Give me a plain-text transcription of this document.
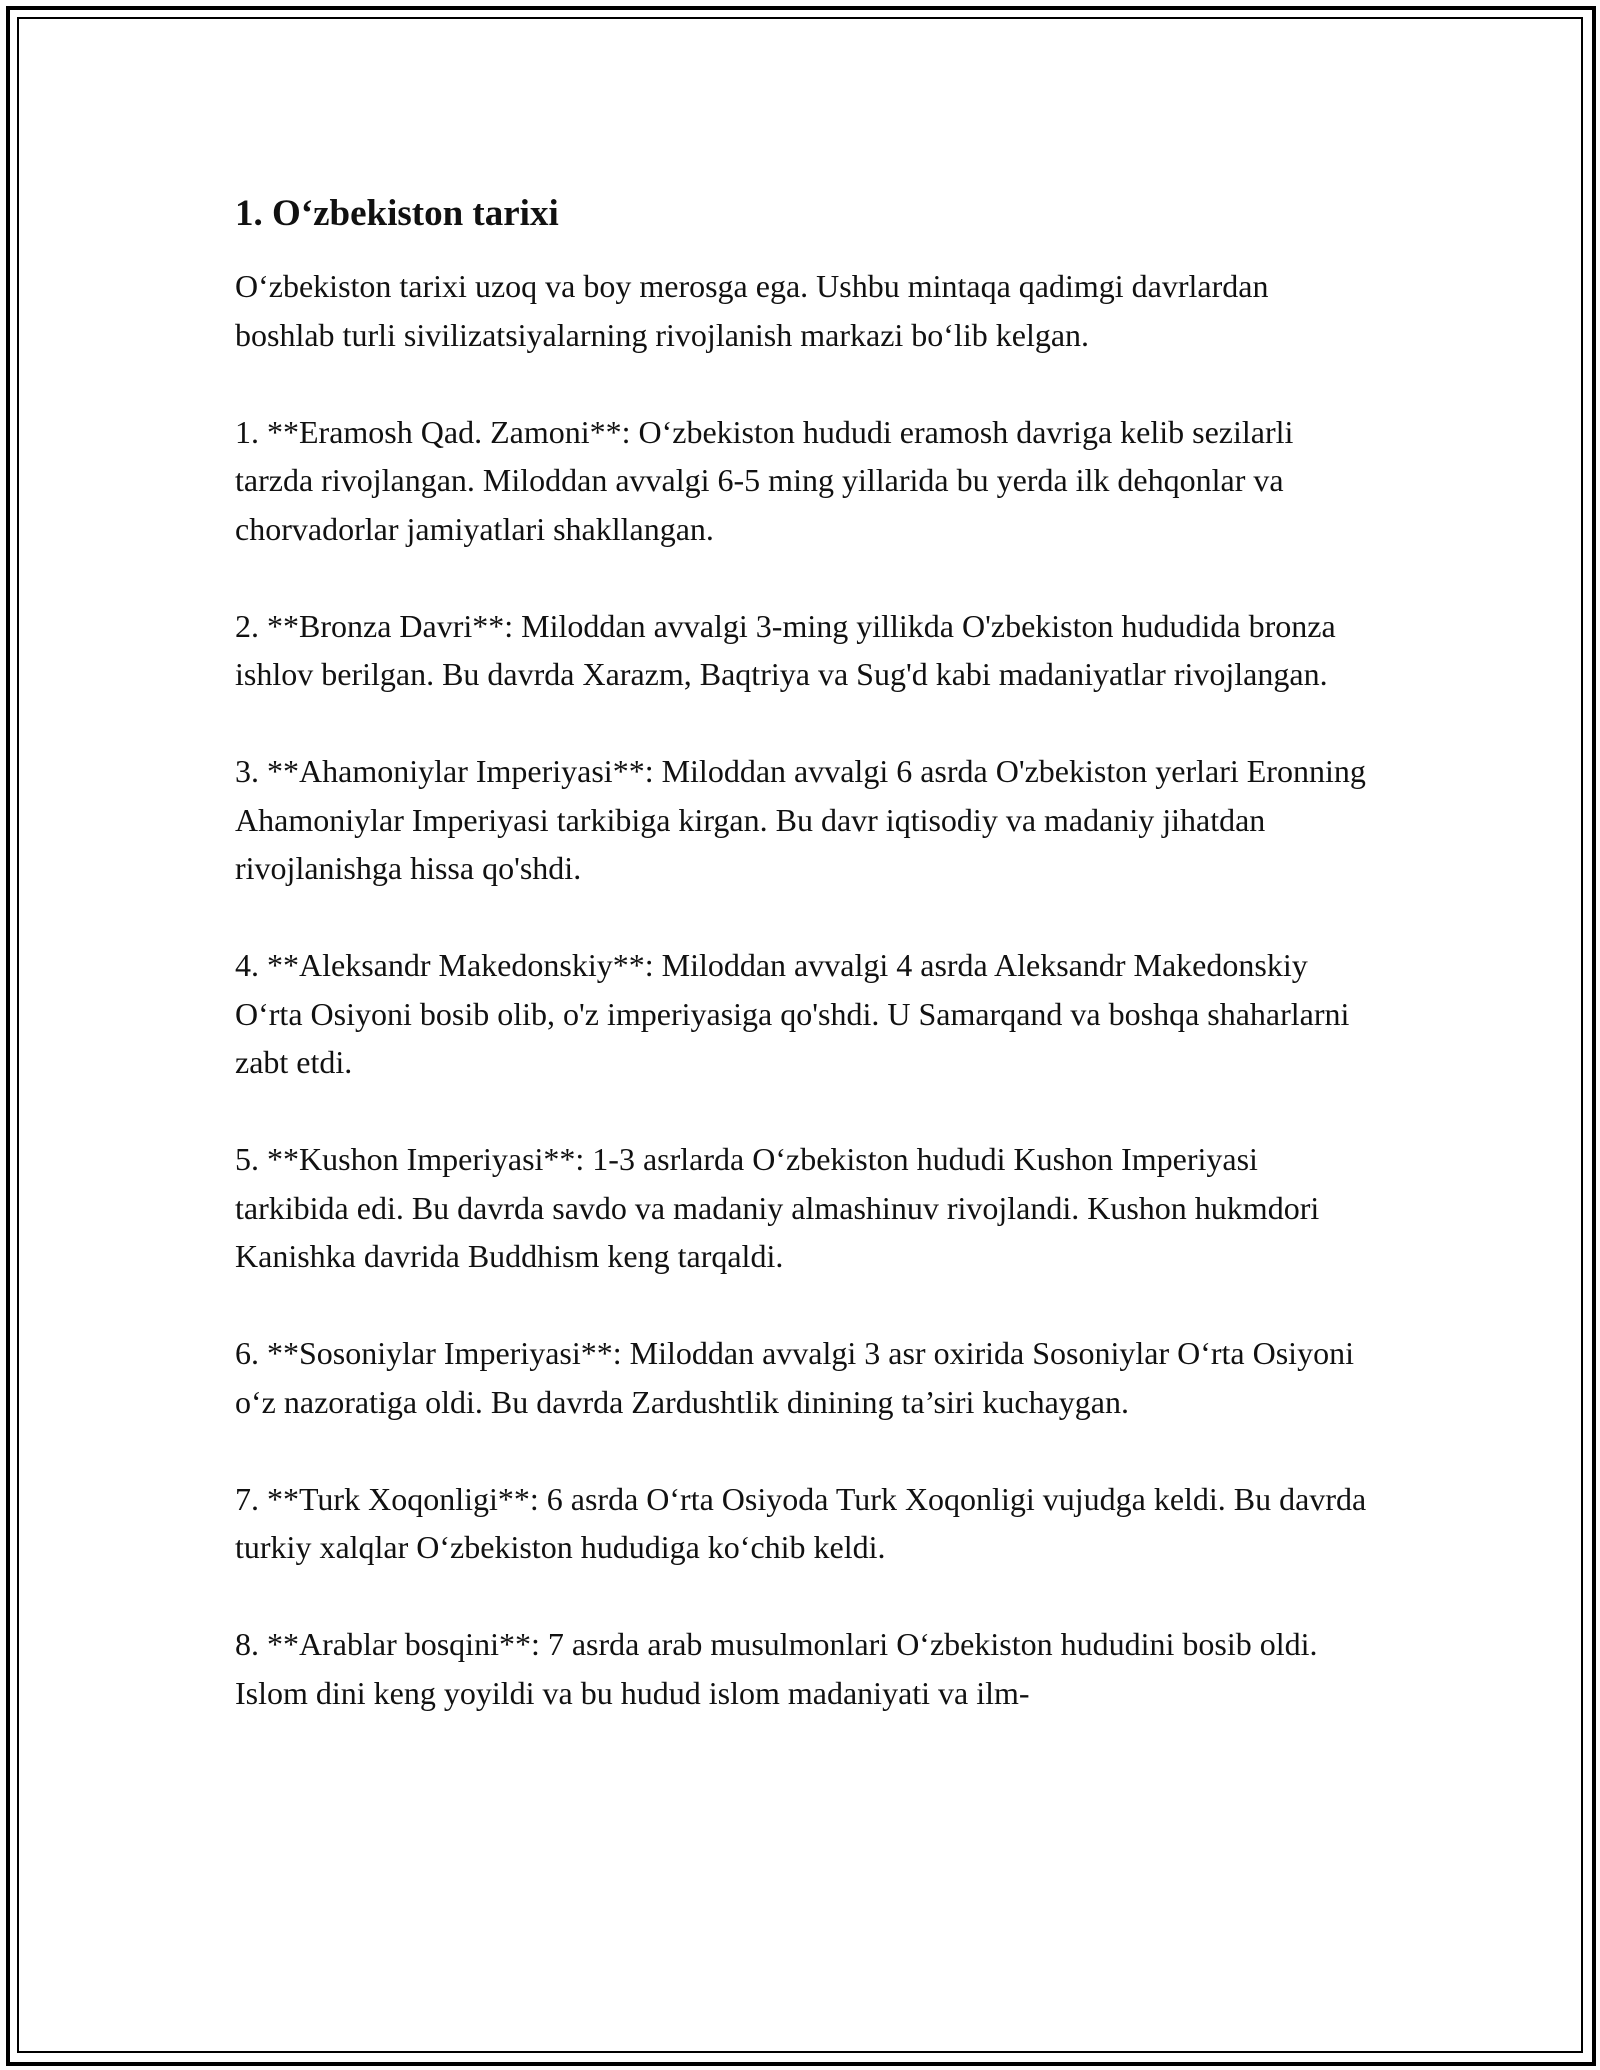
1. O‘zbekiston tarixi

O‘zbekiston tarixi uzoq va boy merosga ega. Ushbu mintaqa qadimgi davrlardan boshlab turli sivilizatsiyalarning rivojlanish markazi bo‘lib kelgan.

1. **Eramosh Qad. Zamoni**: O‘zbekiston hududi eramosh davriga kelib sezilarli tarzda rivojlangan. Miloddan avvalgi 6-5 ming yillarida bu yerda ilk dehqonlar va chorvadorlar jamiyatlari shakllangan.

2. **Bronza Davri**: Miloddan avvalgi 3-ming yillikda O'zbekiston hududida bronza ishlov berilgan. Bu davrda Xarazm, Baqtriya va Sug'd kabi madaniyatlar rivojlangan.

3. **Ahamoniylar Imperiyasi**: Miloddan avvalgi 6 asrda O'zbekiston yerlari Eronning Ahamoniylar Imperiyasi tarkibiga kirgan. Bu davr iqtisodiy va madaniy jihatdan rivojlanishga hissa qo'shdi.

4. **Aleksandr Makedonskiy**: Miloddan avvalgi 4 asrda Aleksandr Makedonskiy O‘rta Osiyoni bosib olib, o'z imperiyasiga qo'shdi. U Samarqand va boshqa shaharlarni zabt etdi.

5. **Kushon Imperiyasi**: 1-3 asrlarda O‘zbekiston hududi Kushon Imperiyasi tarkibida edi. Bu davrda savdo va madaniy almashinuv rivojlandi. Kushon hukmdori Kanishka davrida Buddhism keng tarqaldi.

6. **Sosoniylar Imperiyasi**: Miloddan avvalgi 3 asr oxirida Sosoniylar O‘rta Osiyoni o‘z nazoratiga oldi. Bu davrda Zardushtlik dinining ta’siri kuchaygan.

7. **Turk Xoqonligi**: 6 asrda O‘rta Osiyoda Turk Xoqonligi vujudga keldi. Bu davrda turkiy xalqlar O‘zbekiston hududiga ko‘chib keldi.

8. **Arablar bosqini**: 7 asrda arab musulmonlari O‘zbekiston hududini bosib oldi. Islom dini keng yoyildi va bu hudud islom madaniyati va ilm-
